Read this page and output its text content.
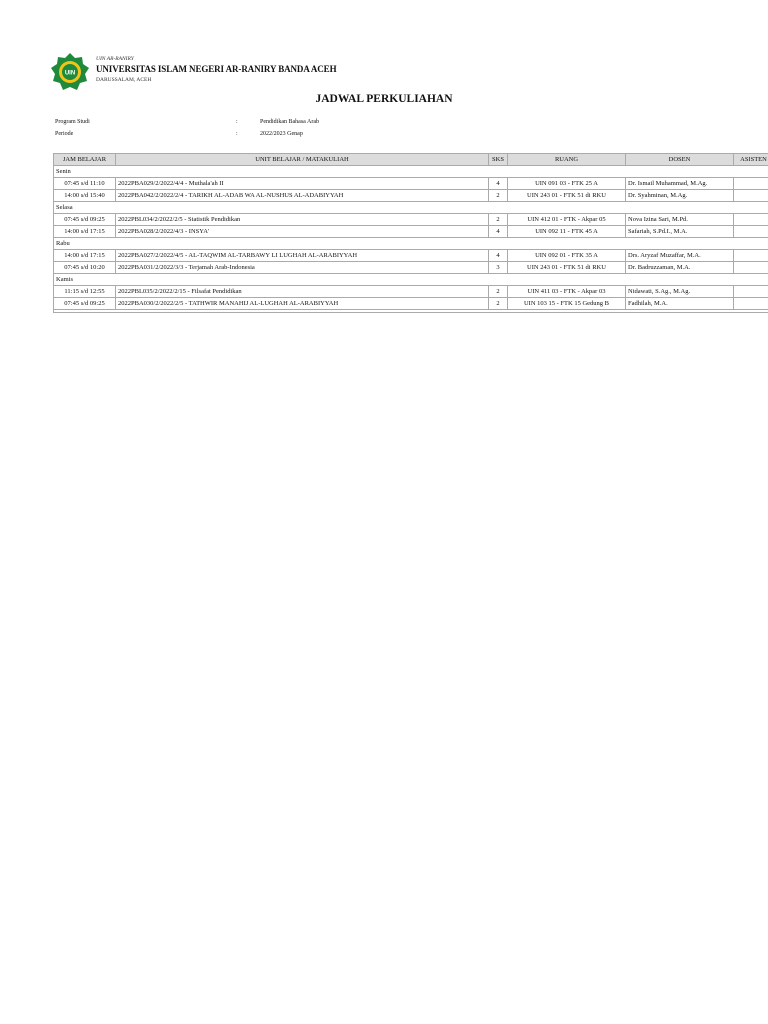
UIN
UIN AR-RANIRY
UNIVERSITAS ISLAM NEGERI AR-RANIRY BANDA ACEH
DARUSSALAM, ACEH
JADWAL PERKULIAHAN
Program Studi	:	Pendidikan Bahasa Arab
Periode	:	2022/2023 Genap
JAM BELAJAR	UNIT BELAJAR / MATAKULIAH	SKS	RUANG	DOSEN	ASISTEN
Senin					
07:45 s/d 11:10	2022PBA029/2/2022/4/4 - Muthala'ah II	4	UIN 091 03 - FTK 25 A	Dr. Ismail Muhammad, M.Ag.	
14:00 s/d 15:40	2022PBA042/2/2022/2/4 - TARIKH AL-ADAB WA AL-NUSHUS AL-ADABIYYAH	2	UIN 243 01 - FTK 51 di RKU	Dr. Syahminan, M.Ag.	
Selasa					
07:45 s/d 09:25	2022PBL034/2/2022/2/5 - Statistik Pendidikan	2	UIN 412 01 - FTK - Akpar 05	Nova Izina Sari, M.Pd.	
14:00 s/d 17:15	2022PBA028/2/2022/4/3 - INSYA'	4	UIN 092 11 - FTK 45 A	Safariah, S.Pd.I., M.A.	
Rabu					
14:00 s/d 17:15	2022PBA027/2/2022/4/5 - AL-TAQWIM AL-TARBAWY LI LUGHAH AL-ARABIYYAH	4	UIN 092 01 - FTK 35 A	Drs. Aryzaf Muzaffar, M.A.	
07:45 s/d 10:20	2022PBA031/2/2022/3/3 - Terjamah Arab-Indonesia	3	UIN 243 01 - FTK 51 di RKU	Dr. Badruzzaman, M.A.	
Kamis					
11:15 s/d 12:55	2022PBL035/2/2022/2/15 - Filsafat Pendidikan	2	UIN 411 03 - FTK - Akpar 03	Nidawati, S.Ag., M.Ag.	
07:45 s/d 09:25	2022PBA030/2/2022/2/5 - TATHWIR MANAHIJ AL-LUGHAH AL-ARABIYYAH	2	UIN 103 15 - FTK 15 Gedung B	Fadhilah, M.A.	
